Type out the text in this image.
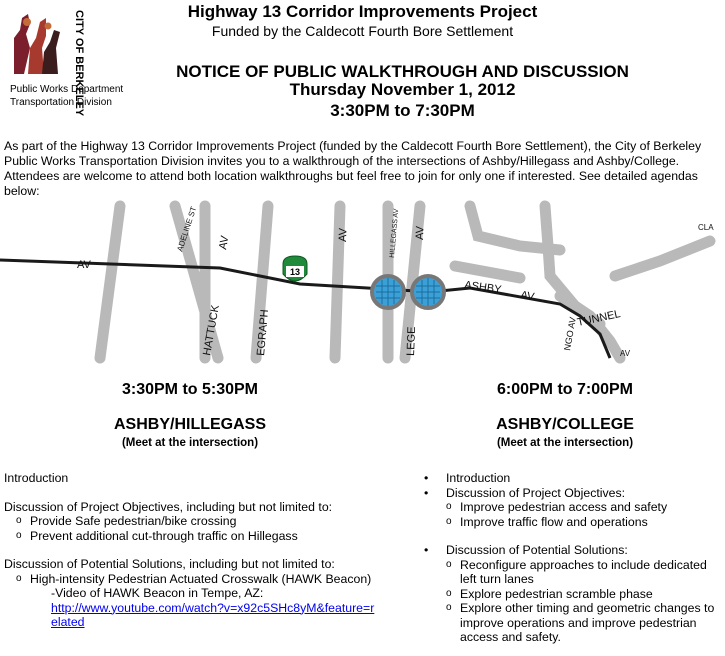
CITY OF BERKELEY
Public Works Department
Transportation Division
Highway 13 Corridor Improvements Project
Funded by the Caldecott Fourth Bore Settlement
NOTICE OF PUBLIC WALKTHROUGH AND DISCUSSION
Thursday November 1, 2012
3:30PM to 7:30PM
As part of the Highway 13 Corridor Improvements Project (funded by the Caldecott Fourth Bore Settlement), the City of Berkeley Public Works Transportation Division invites you to a walkthrough of the intersections of Ashby/Hillegass and Ashby/College. Attendees are welcome to attend both location walkthroughs but feel free to join for only one if interested. See detailed agendas below:
AV
ADELINE ST AV
HATTUCK	EGRAPH
AV	HILLEGASS AV AV
LEGE
ASHBY
AV
TUNNEL
NGO AV
CLA
AV
13
3:30PM to 5:30PM
ASHBY/HILLEGASS
(Meet at the intersection)
6:00PM to 7:00PM
ASHBY/COLLEGE
(Meet at the intersection)

Introduction

Discussion of Project Objectives, including but not limited to:

o Provide Safe pedestrian/bike crossing
o Prevent additional cut-through traffic on Hillegass

Discussion of Potential Solutions, including but not limited to:

o High-intensity Pedestrian Actuated Crosswalk (HAWK Beacon)

-Video of HAWK Beacon in Tempe, AZ:

http://www.youtube.com/watch?v=x92c5SHc8yM&feature=related

• Introduction
• Discussion of Project Objectives:
o Improve pedestrian access and safety
o Improve traffic flow and operations
• Discussion of Potential Solutions:
o Reconfigure approaches to include dedicated left turn lanes
o Explore pedestrian scramble phase
o Explore other timing and geometric changes to improve operations and improve pedestrian access and safety.
